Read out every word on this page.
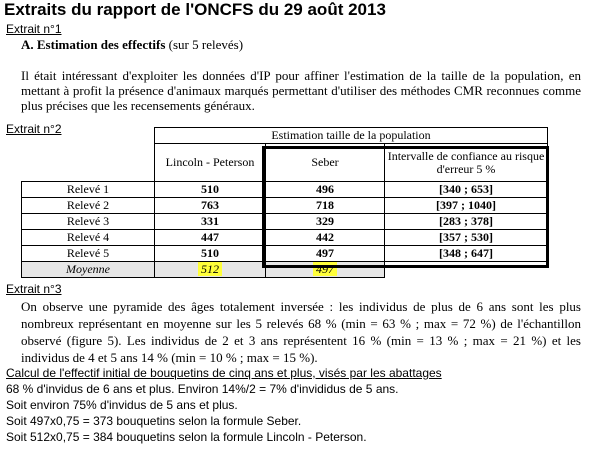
Extraits du rapport de l'ONCFS du 29 août 2013
Extrait n°1
A. Estimation des effectifs (sur 5 relevés)
Il était intéressant d'exploiter les données d'IP pour affiner l'estimation de la taille de la population, en mettant à profit la présence d'animaux marqués permettant d'utiliser des méthodes CMR reconnues comme plus précises que les recensements généraux.
Extrait n°2
		Estimation taille de la population		
	Lincoln - Peterson	Seber	Intervalle de confiance au risque d'erreur 5 %
Relevé 1	510	496	[340 ; 653]
Relevé 2	763	718	[397 ; 1040]
Relevé 3	331	329	[283 ; 378]
Relevé 4	447	442	[357 ; 530]
Relevé 5	510	497	[348 ; 647]
Moyenne	512	497	
Extrait n°3
On observe une pyramide des âges totalement inversée : les individus de plus de 6 ans sont les plus nombreux représentant en moyenne sur les 5 relevés 68 % (min = 63 % ; max = 72 %) de l'échantillon observé (figure 5). Les individus de 2 et 3 ans représentent 16 % (min = 13 % ; max = 21 %) et les individus de 4 et 5 ans 14 % (min = 10 % ; max = 15 %).
Calcul de l'effectif initial de bouquetins de cinq ans et plus, visés par les abattages
68 % d'invidus de 6 ans et plus. Environ 14%/2 = 7% d'invididus de 5 ans.
Soit environ 75% d'invidus de 5 ans et plus.
Soit 497x0,75 = 373 bouquetins selon la formule Seber.
Soit 512x0,75 = 384 bouquetins selon la formule Lincoln - Peterson.
